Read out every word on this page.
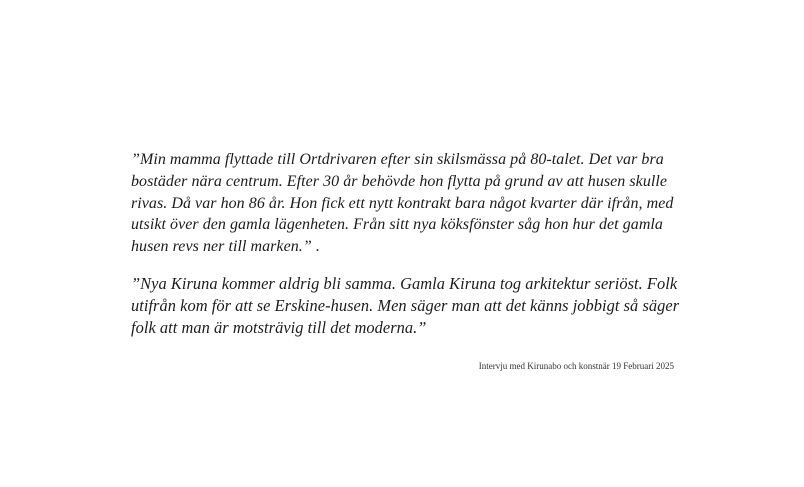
”Min mamma flyttade till Ortdrivaren efter sin skilsmässa på 80-talet. Det var bra
bostäder nära centrum. Efter 30 år behövde hon flytta på grund av att husen skulle
rivas. Då var hon 86 år. Hon fick ett nytt kontrakt bara något kvarter där ifrån, med
utsikt över den gamla lägenheten. Från sitt nya köksfönster såg hon hur det gamla
husen revs ner till marken.” .

”Nya Kiruna kommer aldrig bli samma. Gamla Kiruna tog arkitektur seriöst. Folk
utifrån kom för att se Erskine-husen. Men säger man att det känns jobbigt så säger
folk att man är motsträvig till det moderna.”

Intervju med Kirunabo och konstnär 19 Februari 2025
